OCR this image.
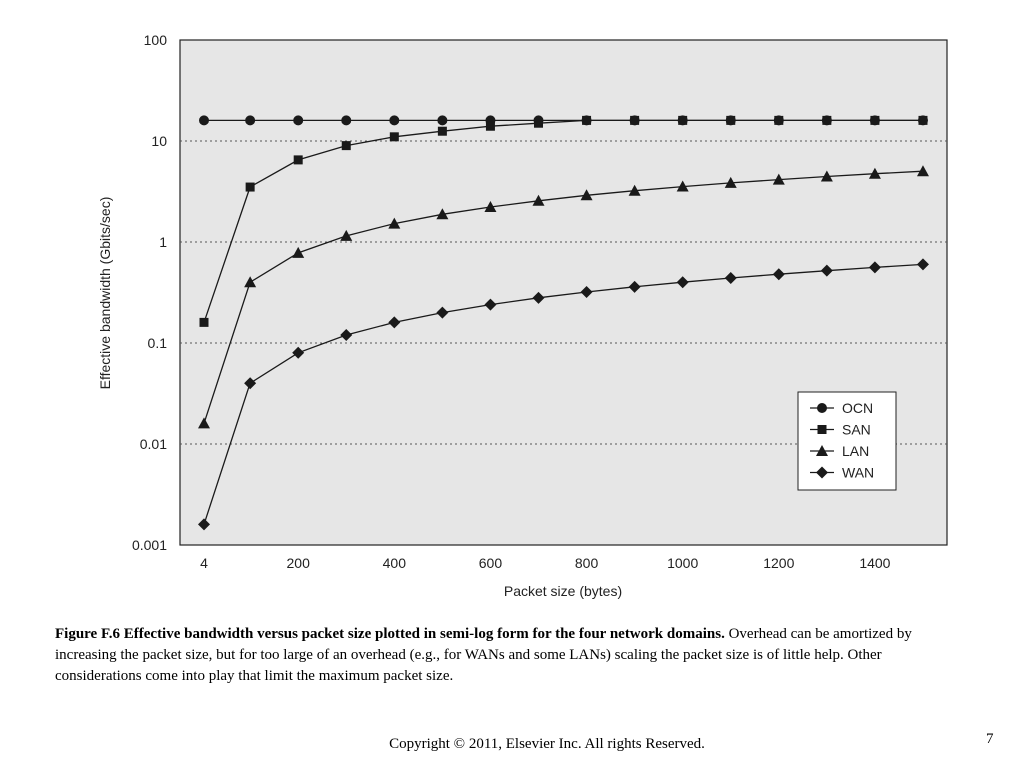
0.001
0.01
0.1
1
10
100
4	200	400	600	800	1000	1200	1400
Packet size (bytes)
Effective bandwidth (Gbits/sec)
OCN
SAN
LAN
WAN
Figure F.6 Effective bandwidth versus packet size plotted in semi-log form for the four network domains. Overhead can be amortized by increasing the packet size, but for too large of an overhead (e.g., for WANs and some LANs) scaling the packet size is of little help. Other considerations come into play that limit the maximum packet size.
Copyright © 2011, Elsevier Inc. All rights Reserved.	7
